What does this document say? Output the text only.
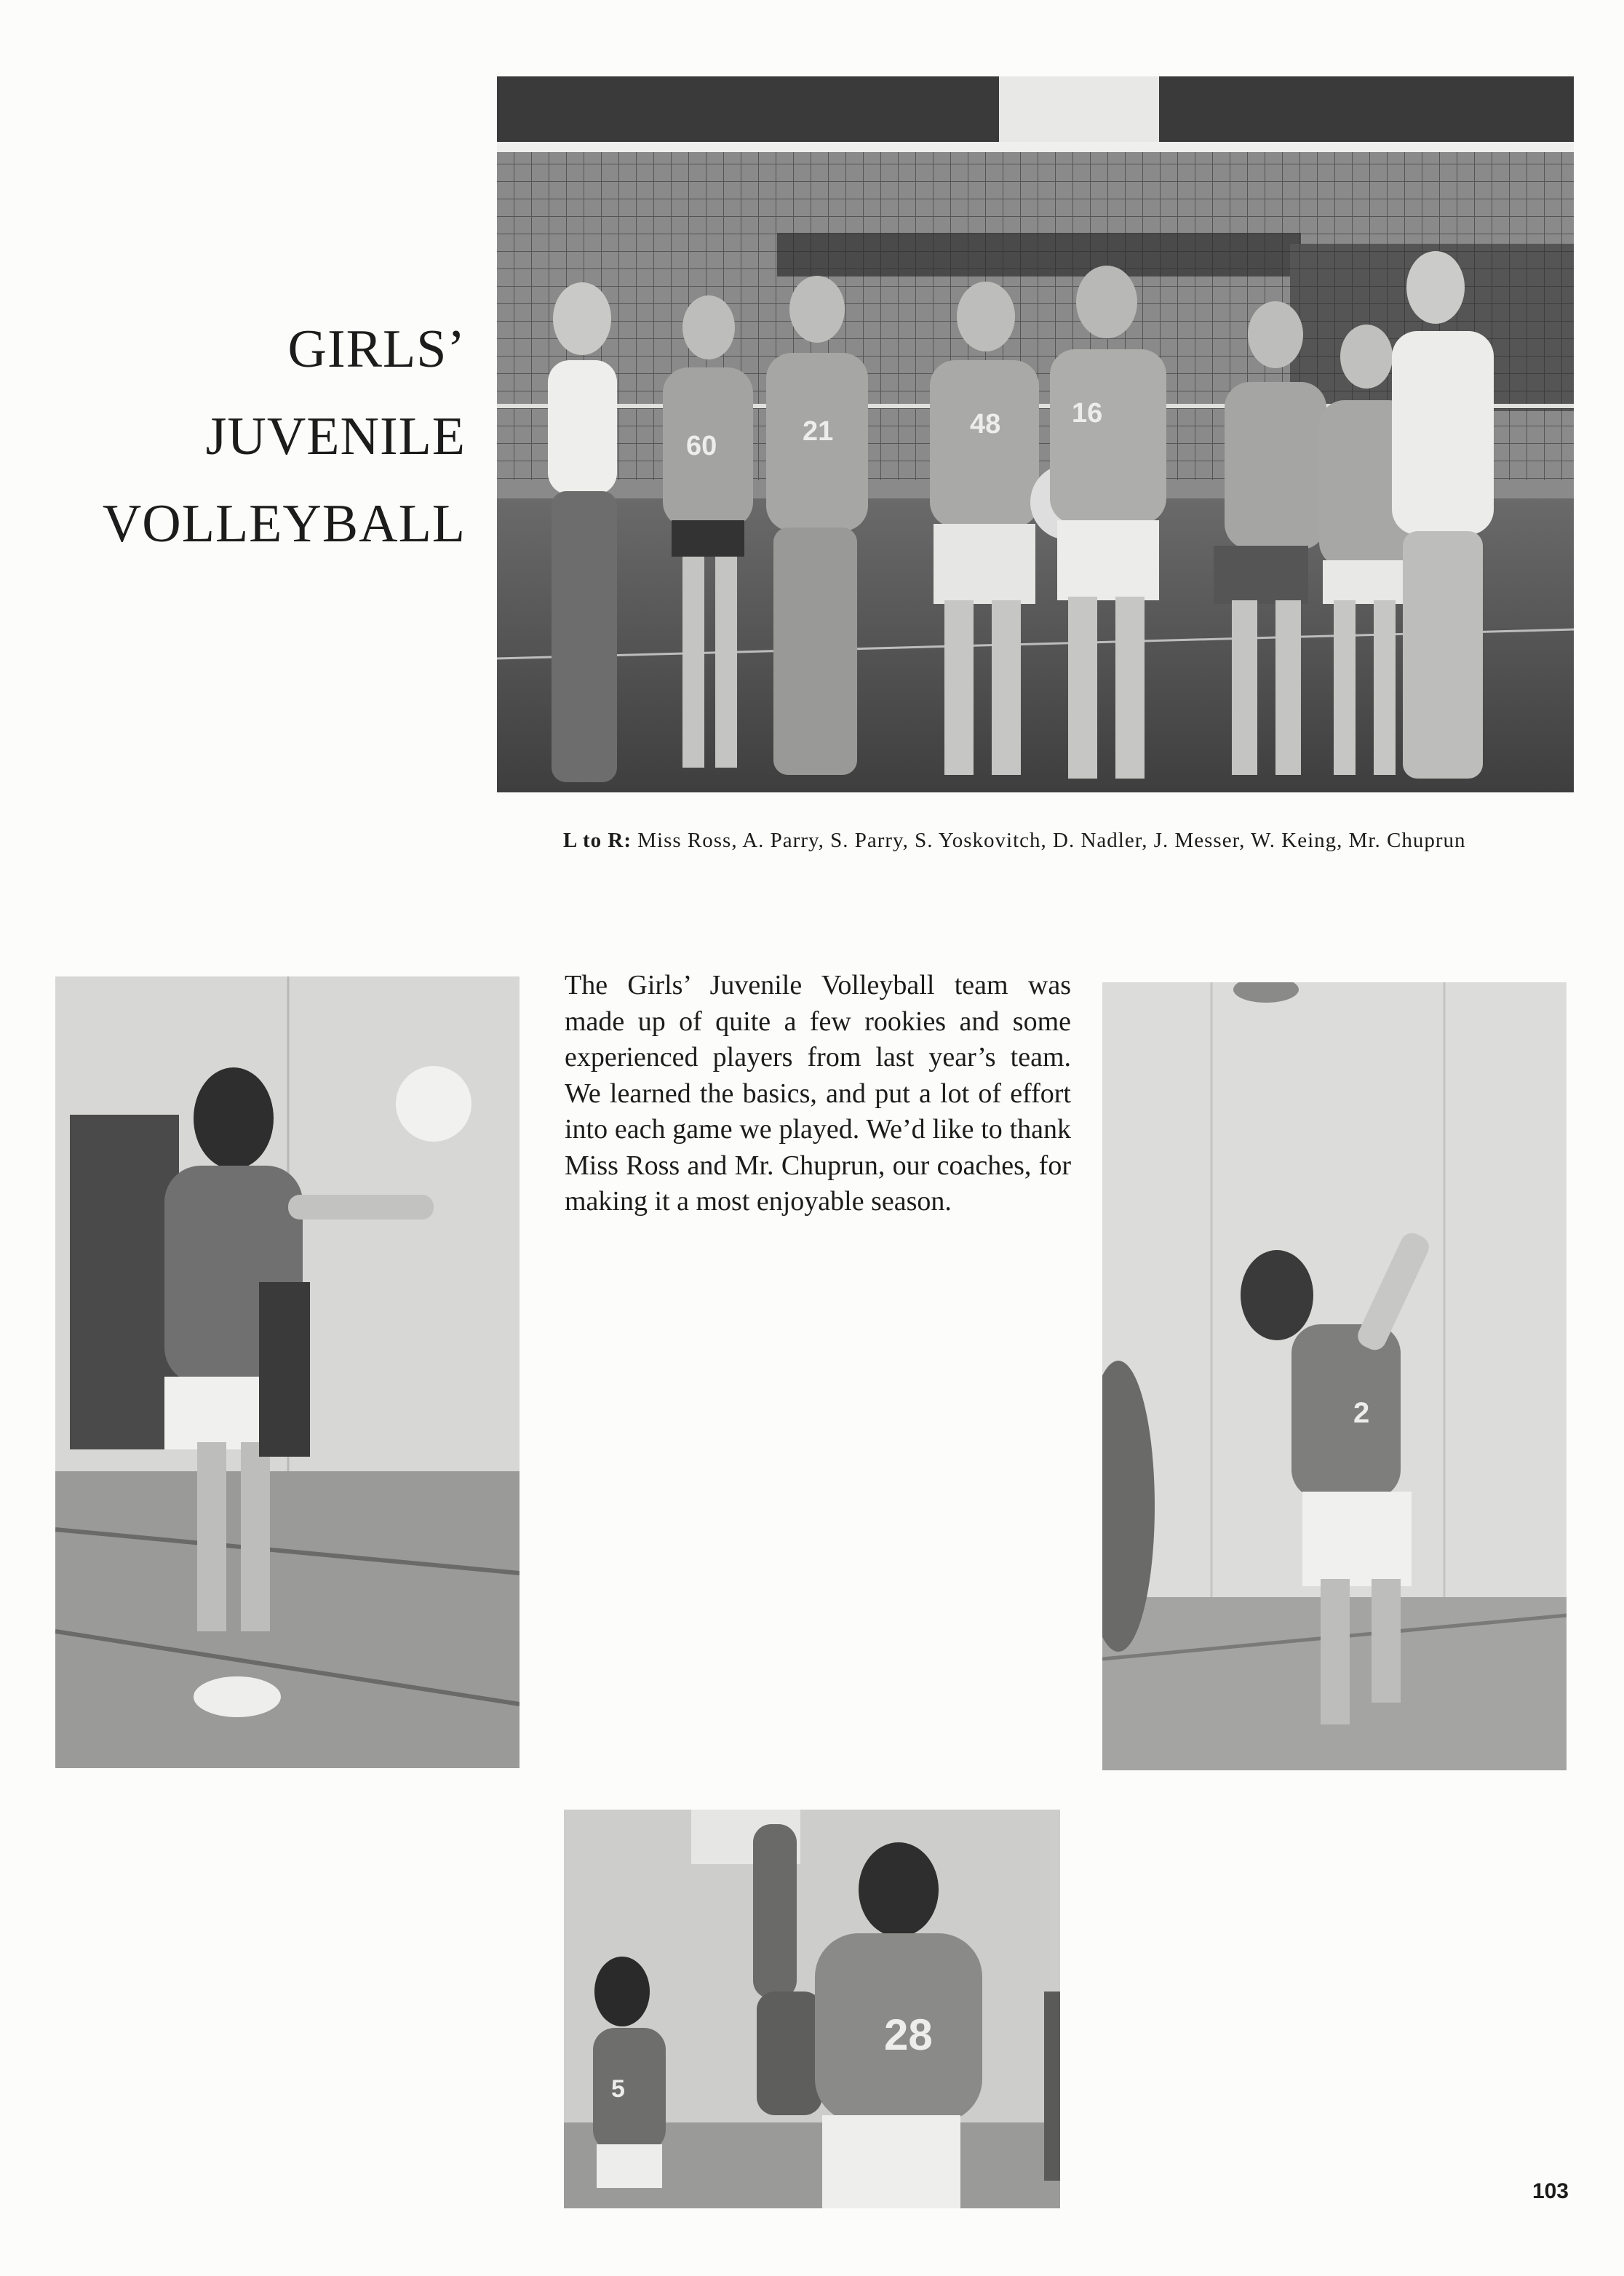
GIRLS’
JUVENILE
VOLLEYBALL
60	21	48	16

L to R: Miss Ross, A. Parry, S. Parry, S. Yoskovitch, D. Nadler, J. Messer, W. Keing, Mr. Chuprun

The Girls’ Juvenile Volleyball team was made up of quite a few rookies and some experienced players from last year’s team. We learned the basics, and put a lot of effort into each game we played. We’d like to thank Miss Ross and Mr. Chuprun, our coaches, for making it a most enjoyable season.

2
28
5
103
